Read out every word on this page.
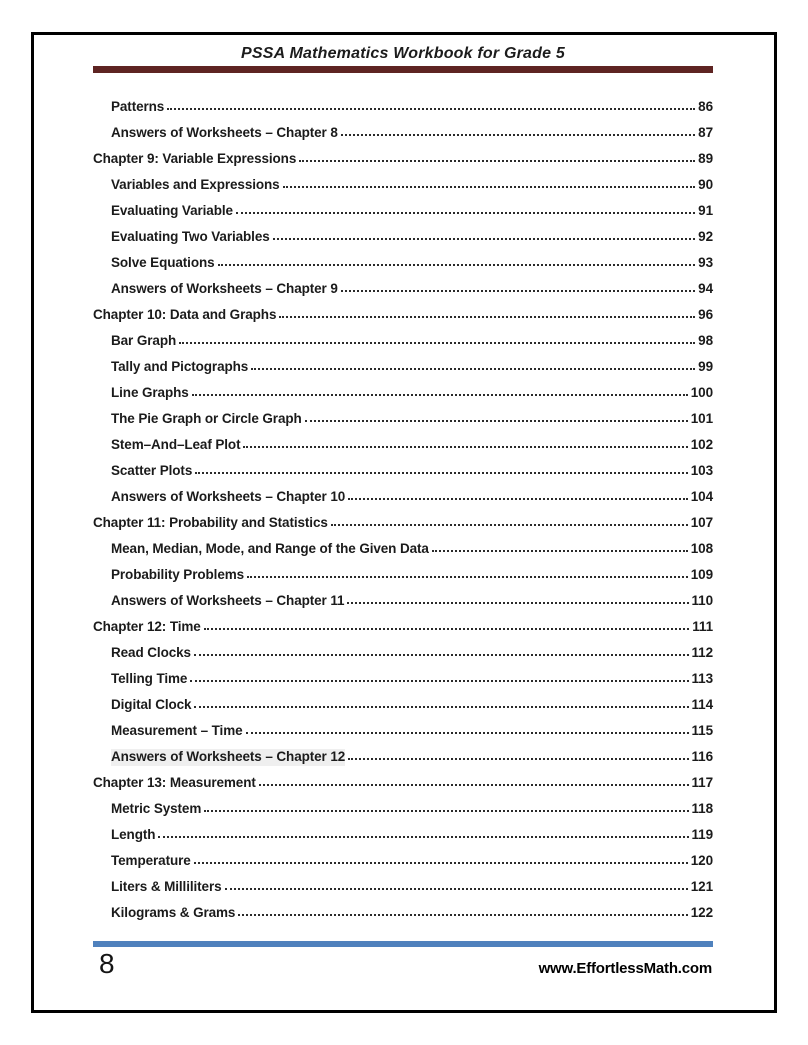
PSSA Mathematics Workbook for Grade 5
Patterns	86
Answers of Worksheets – Chapter 8	87
Chapter 9: Variable Expressions	89
Variables and Expressions	90
Evaluating Variable	91
Evaluating Two Variables	92
Solve Equations	93
Answers of Worksheets – Chapter 9	94
Chapter 10: Data and Graphs	96
Bar Graph	98
Tally and Pictographs	99
Line Graphs	100
The Pie Graph or Circle Graph	101
Stem–And–Leaf Plot	102
Scatter Plots	103
Answers of Worksheets – Chapter 10	104
Chapter 11: Probability and Statistics	107
Mean, Median, Mode, and Range of the Given Data	108
Probability Problems	109
Answers of Worksheets – Chapter 11	110
Chapter 12: Time	111
Read Clocks	112
Telling Time	113
Digital Clock	114
Measurement – Time	115
Answers of Worksheets – Chapter 12	116
Chapter 13: Measurement	117
Metric System	118
Length	119
Temperature	120
Liters & Milliliters	121
Kilograms & Grams	122
8	www.EffortlessMath.com
